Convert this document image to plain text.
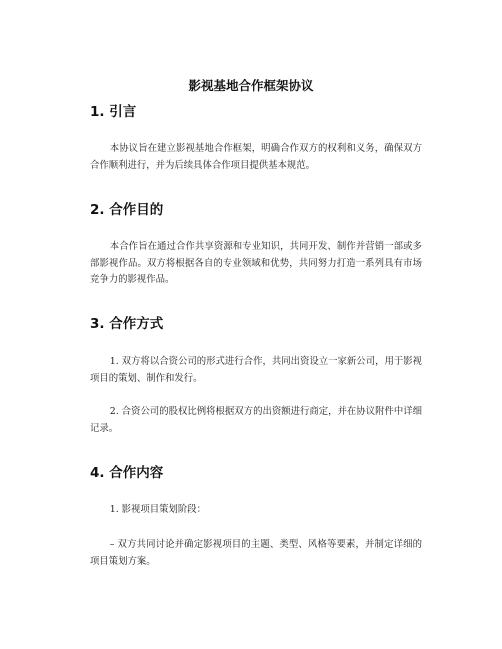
影视基地合作框架协议
1. 引言

本协议旨在建立影视基地合作框架，明确合作双方的权利和义务，确保双方合作顺利进行，并为后续具体合作项目提供基本规范。

2. 合作目的

本合作旨在通过合作共享资源和专业知识，共同开发、制作并营销一部或多部影视作品。双方将根据各自的专业领域和优势，共同努力打造一系列具有市场竞争力的影视作品。

3. 合作方式

1. 双方将以合资公司的形式进行合作，共同出资设立一家新公司，用于影视项目的策划、制作和发行。

2. 合资公司的股权比例将根据双方的出资额进行商定，并在协议附件中详细记录。

4. 合作内容

1. 影视项目策划阶段：

– 双方共同讨论并确定影视项目的主题、类型、风格等要素，并制定详细的项目策划方案。
